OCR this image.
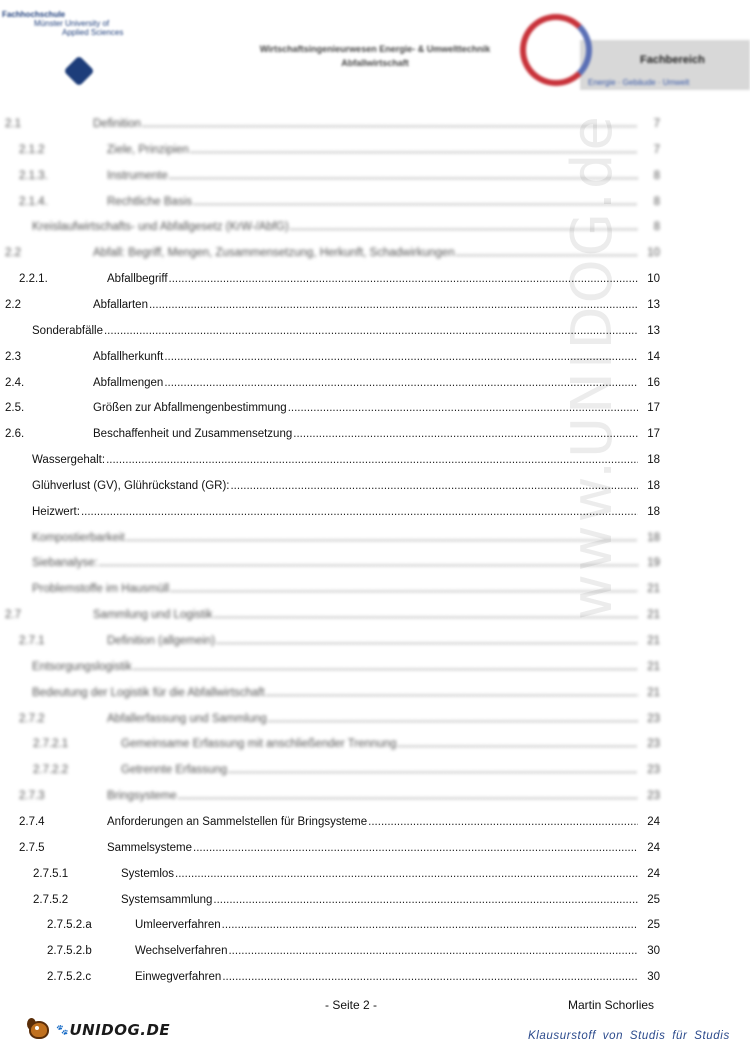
www.UNIDOG.de
Fachhochschule
Münster University of
Applied Sciences
Wirtschaftsingenieurwesen Energie- & Umwelttechnik
Abfallwirtschaft	Fachbereich
Energie · Gebäude · Umwelt
2.1	Definition .....	7
2.1.2	Ziele, Prinzipien .....	7
2.1.3.	Instrumente .....	8
2.1.4.	Rechtliche Basis .....	8
Kreislaufwirtschafts- und Abfallgesetz (KrW-/AbfG) .....	8
2.2	Abfall: Begriff, Mengen, Zusammensetzung, Herkunft, Schadwirkungen .....	10
2.2.1.	Abfallbegriff .....	10
2.2	Abfallarten .....	13
Sonderabfälle .....	13
2.3	Abfallherkunft .....	14
2.4.	Abfallmengen .....	16
2.5.	Größen zur Abfallmengenbestimmung .....	17
2.6.	Beschaffenheit und Zusammensetzung .....	17
Wassergehalt: .....	18
Glühverlust (GV), Glührückstand (GR): .....	18
Heizwert: .....	18
Kompostierbarkeit .....	18
Siebanalyse: .....	19
Problemstoffe im Hausmüll .....	21
2.7	Sammlung und Logistik .....	21
2.7.1	Definition (allgemein) .....	21
Entsorgungslogistik .....	21
Bedeutung der Logistik für die Abfallwirtschaft .....	21
2.7.2	Abfallerfassung und Sammlung .....	23
2.7.2.1	Gemeinsame Erfassung mit anschließender Trennung .....	23
2.7.2.2	Getrennte Erfassung .....	23
2.7.3	Bringsysteme .....	23
2.7.4	Anforderungen an Sammelstellen für Bringsysteme .....	24
2.7.5	Sammelsysteme .....	24
2.7.5.1	Systemlos .....	24
2.7.5.2	Systemsammlung .....	25
2.7.5.2.a	Umleerverfahren .....	25
2.7.5.2.b	Wechselverfahren .....	30
2.7.5.2.c	Einwegverfahren .....	30
- Seite 2 -	Martin Schorlies
🐾 UNIDOG.DE	Klausurstoff von Studis für Studis
